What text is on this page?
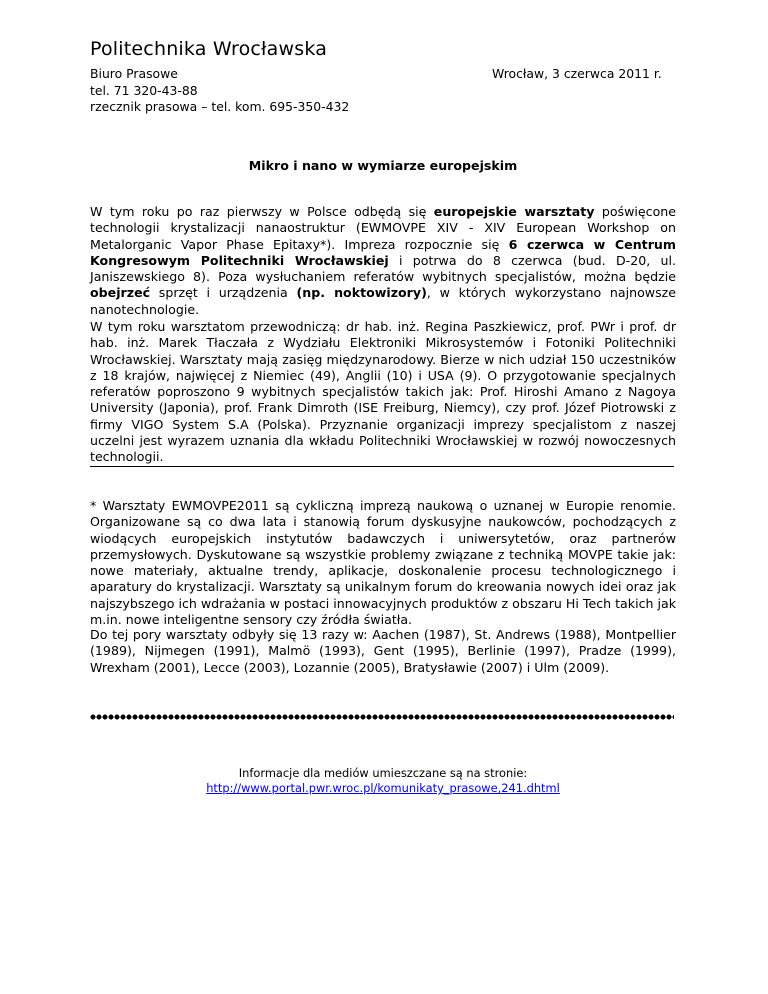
Politechnika Wrocławska
Biuro Prasowe
tel. 71 320-43-88
rzecznik prasowa – tel. kom. 695-350-432
Wrocław, 3 czerwca 2011 r.
Mikro i nano w wymiarze europejskim
W tym roku po raz pierwszy w Polsce odbędą się europejskie warsztaty poświęcone technologii krystalizacji nanaostruktur (EWMOVPE XIV - XIV European Workshop on Metalorganic Vapor Phase Epitaxy*). Impreza rozpocznie się 6 czerwca w Centrum Kongresowym Politechniki Wrocławskiej i potrwa do 8 czerwca (bud. D-20, ul. Janiszewskiego 8). Poza wysłuchaniem referatów wybitnych specjalistów, można będzie obejrzeć sprzęt i urządzenia (np. noktowizory), w których wykorzystano najnowsze nanotechnologie.
W tym roku warsztatom przewodniczą: dr hab. inż. Regina Paszkiewicz, prof. PWr i prof. dr hab. inż. Marek Tłaczała z Wydziału Elektroniki Mikrosystemów i Fotoniki Politechniki Wrocławskiej. Warsztaty mają zasięg międzynarodowy. Bierze w nich udział 150 uczestników z 18 krajów, najwięcej z Niemiec (49), Anglii (10) i USA (9). O przygotowanie specjalnych referatów poproszono 9 wybitnych specjalistów takich jak: Prof. Hiroshi Amano z Nagoya University (Japonia), prof. Frank Dimroth (ISE Freiburg, Niemcy), czy prof. Józef Piotrowski z firmy VIGO System S.A (Polska). Przyznanie organizacji imprezy specjalistom z naszej uczelni jest wyrazem uznania dla wkładu Politechniki Wrocławskiej w rozwój nowoczesnych technologii.
* Warsztaty EWMOVPE2011 są cykliczną imprezą naukową o uznanej w Europie renomie. Organizowane są co dwa lata i stanowią forum dyskusyjne naukowców, pochodzących z wiodących europejskich instytutów badawczych i uniwersytetów, oraz partnerów przemysłowych. Dyskutowane są wszystkie problemy związane z techniką MOVPE takie jak: nowe materiały, aktualne trendy, aplikacje, doskonalenie procesu technologicznego i aparatury do krystalizacji. Warsztaty są unikalnym forum do kreowania nowych idei oraz jak najszybszego ich wdrażania w postaci innowacyjnych produktów z obszaru Hi Tech takich jak m.in. nowe inteligentne sensory czy źródła światła.
Do tej pory warsztaty odbyły się 13 razy w: Aachen (1987), St. Andrews (1988), Montpellier (1989), Nijmegen (1991), Malmö (1993), Gent (1995), Berlinie (1997), Pradze (1999), Wrexham (2001), Lecce (2003), Lozannie (2005), Bratysławie (2007) i Ulm (2009).
Informacje dla mediów umieszczane są na stronie:
http://www.portal.pwr.wroc.pl/komunikaty_prasowe,241.dhtml
